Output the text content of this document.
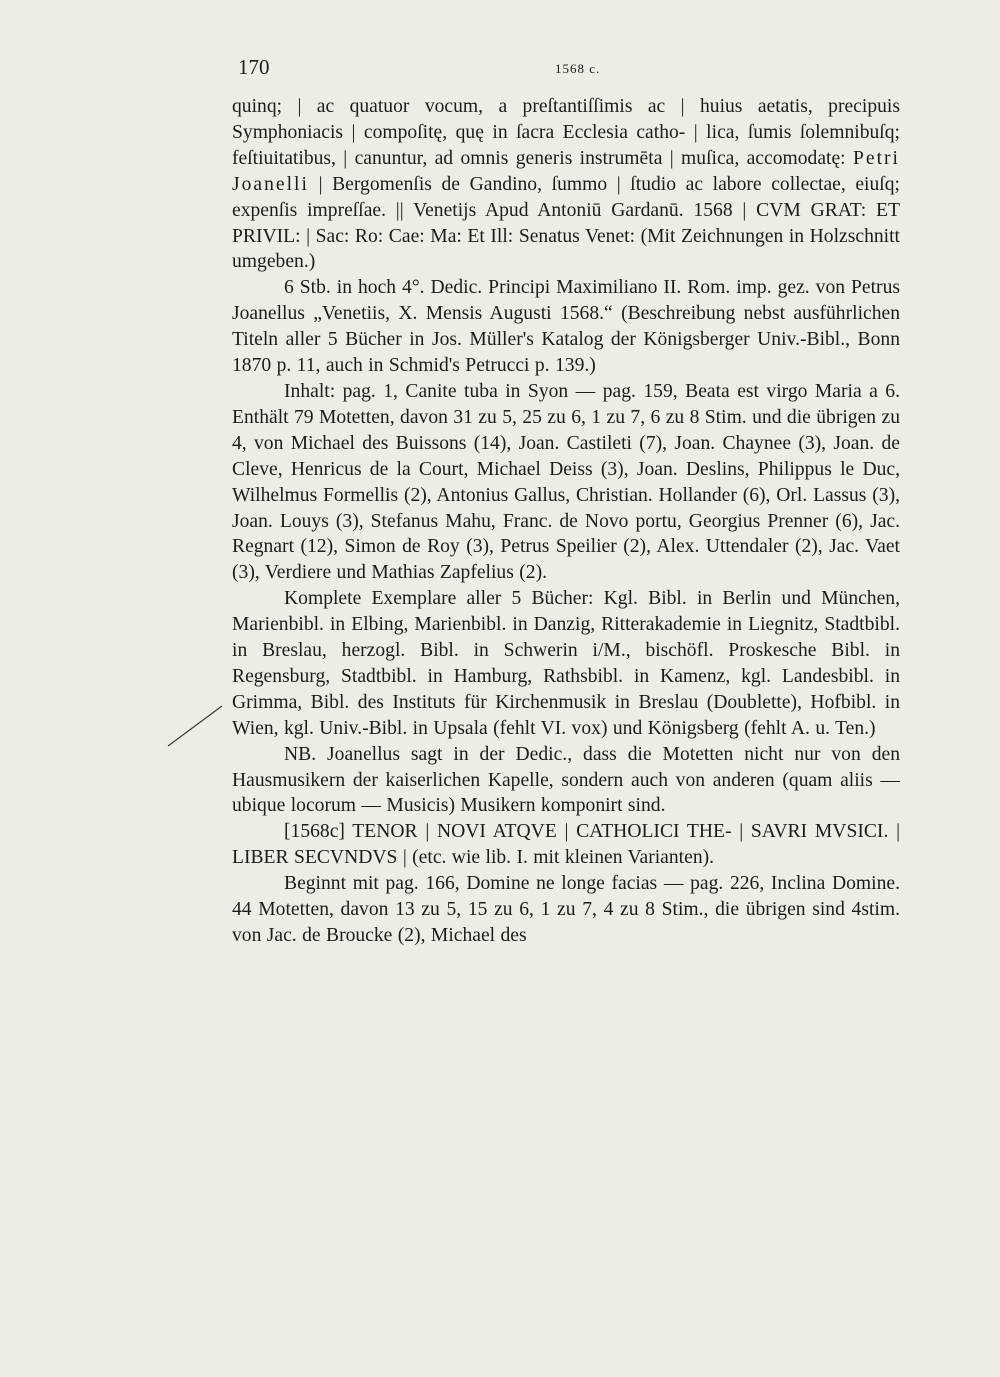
170	1568 c.

quinq; | ac quatuor vocum, a preſtantiſſimis ac | huius aetatis, precipuis Symphoniacis | compoſitę, quę in ſacra Ecclesia catho- | lica, ſumis ſolemnibuſq; feſtiuitatibus, | canuntur, ad omnis generis instrumēta | muſica, accomodatę: Petri Joanelli | Bergomenſis de Gandino, ſummo | ſtudio ac labore collectae, eiuſq; expenſis impreſſae. || Venetijs Apud Antoniū Gardanū. 1568 | CVM GRAT: ET PRIVIL: | Sac: Ro: Cae: Ma: Et Ill: Senatus Venet: (Mit Zeichnungen in Holzschnitt umgeben.)

6 Stb. in hoch 4°. Dedic. Principi Maximiliano II. Rom. imp. gez. von Petrus Joanellus „Venetiis, X. Mensis Augusti 1568.“ (Beschreibung nebst ausführlichen Titeln aller 5 Bücher in Jos. Müller's Katalog der Königsberger Univ.-Bibl., Bonn 1870 p. 11, auch in Schmid's Petrucci p. 139.)

Inhalt: pag. 1, Canite tuba in Syon — pag. 159, Beata est virgo Maria a 6. Enthält 79 Motetten, davon 31 zu 5, 25 zu 6, 1 zu 7, 6 zu 8 Stim. und die übrigen zu 4, von Michael des Buissons (14), Joan. Castileti (7), Joan. Chaynee (3), Joan. de Cleve, Henricus de la Court, Michael Deiss (3), Joan. Deslins, Philippus le Duc, Wilhelmus Formellis (2), Antonius Gallus, Christian. Hollander (6), Orl. Lassus (3), Joan. Louys (3), Stefanus Mahu, Franc. de Novo portu, Georgius Prenner (6), Jac. Regnart (12), Simon de Roy (3), Petrus Speilier (2), Alex. Uttendaler (2), Jac. Vaet (3), Verdiere und Mathias Zapfelius (2).

Komplete Exemplare aller 5 Bücher: Kgl. Bibl. in Berlin und München, Marienbibl. in Elbing, Marienbibl. in Danzig, Ritterakademie in Liegnitz, Stadtbibl. in Breslau, herzogl. Bibl. in Schwerin i/M., bischöfl. Proskesche Bibl. in Regensburg, Stadtbibl. in Hamburg, Rathsbibl. in Kamenz, kgl. Landesbibl. in Grimma, Bibl. des Instituts für Kirchenmusik in Breslau (Doublette), Hofbibl. in Wien, kgl. Univ.-Bibl. in Upsala (fehlt VI. vox) und Königsberg (fehlt A. u. Ten.)

NB. Joanellus sagt in der Dedic., dass die Motetten nicht nur von den Hausmusikern der kaiserlichen Kapelle, sondern auch von anderen (quam aliis — ubique locorum — Musicis) Musikern komponirt sind.

[1568c] TENOR | NOVI ATQVE | CATHOLICI THE- | SAVRI MVSICI. | LIBER SECVNDVS | (etc. wie lib. I. mit kleinen Varianten).

Beginnt mit pag. 166, Domine ne longe facias — pag. 226, Inclina Domine. 44 Motetten, davon 13 zu 5, 15 zu 6, 1 zu 7, 4 zu 8 Stim., die übrigen sind 4stim. von Jac. de Broucke (2), Michael des
